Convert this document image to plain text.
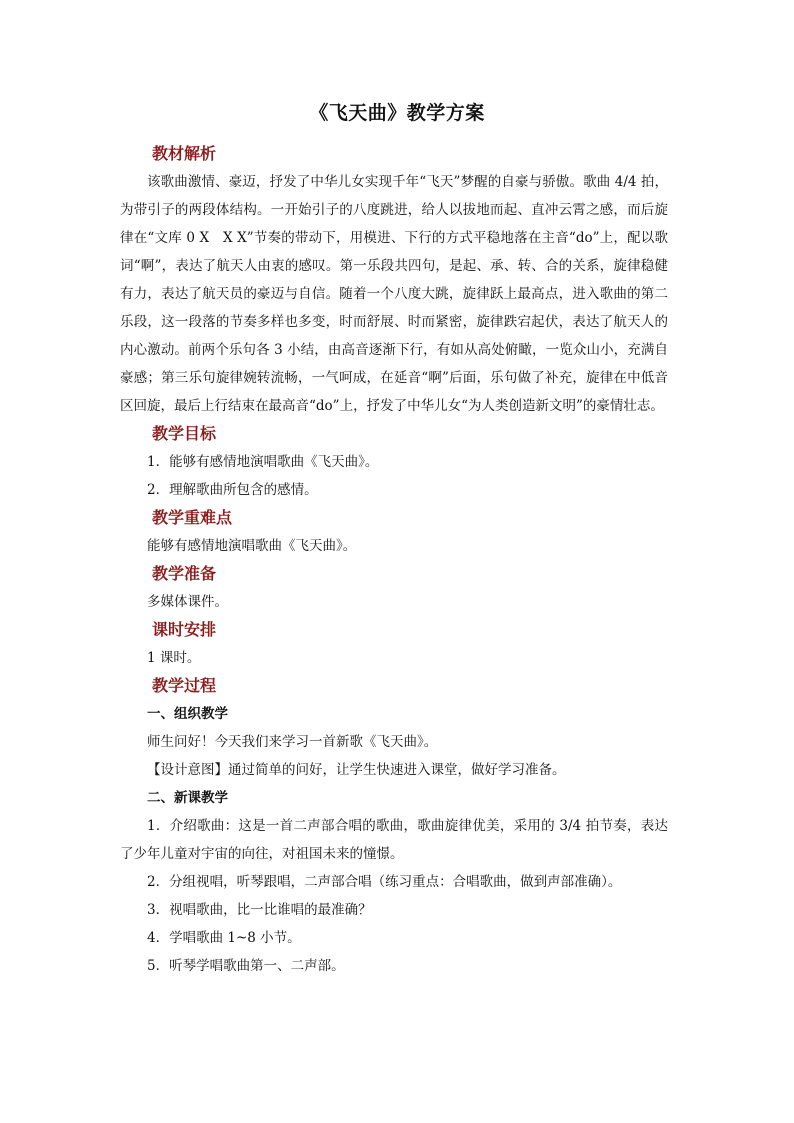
《飞天曲》教学方案
教材解析

该歌曲激情、豪迈，抒发了中华儿女实现千年“飞天”梦醒的自豪与骄傲。歌曲 4/4 拍，为带引子的两段体结构。一开始引子的八度跳进，给人以拔地而起、直冲云霄之感，而后旋律在“文库 0 X　X X”节奏的带动下，用模进、下行的方式平稳地落在主音“do”上，配以歌词“啊”，表达了航天人由衷的感叹。第一乐段共四句，是起、承、转、合的关系，旋律稳健有力，表达了航天员的豪迈与自信。随着一个八度大跳，旋律跃上最高点，进入歌曲的第二乐段，这一段落的节奏多样也多变，时而舒展、时而紧密，旋律跌宕起伏，表达了航天人的内心激动。前两个乐句各 3 小结，由高音逐渐下行，有如从高处俯瞰，一览众山小，充满自豪感；第三乐句旋律婉转流畅，一气呵成，在延音“啊”后面，乐句做了补充，旋律在中低音区回旋，最后上行结束在最高音“do”上，抒发了中华儿女“为人类创造新文明”的豪情壮志。

教学目标

1．能够有感情地演唱歌曲《飞天曲》。

2．理解歌曲所包含的感情。

教学重难点

能够有感情地演唱歌曲《飞天曲》。

教学准备

多媒体课件。

课时安排

1 课时。

教学过程

一、组织教学

师生问好！今天我们来学习一首新歌《飞天曲》。

【设计意图】通过简单的问好，让学生快速进入课堂，做好学习准备。

二、新课教学

1．介绍歌曲：这是一首二声部合唱的歌曲，歌曲旋律优美，采用的 3/4 拍节奏，表达了少年儿童对宇宙的向往，对祖国未来的憧憬。

2．分组视唱，听琴跟唱，二声部合唱（练习重点：合唱歌曲，做到声部准确）。

3．视唱歌曲，比一比谁唱的最准确？

4．学唱歌曲 1~8 小节。

5．听琴学唱歌曲第一、二声部。
